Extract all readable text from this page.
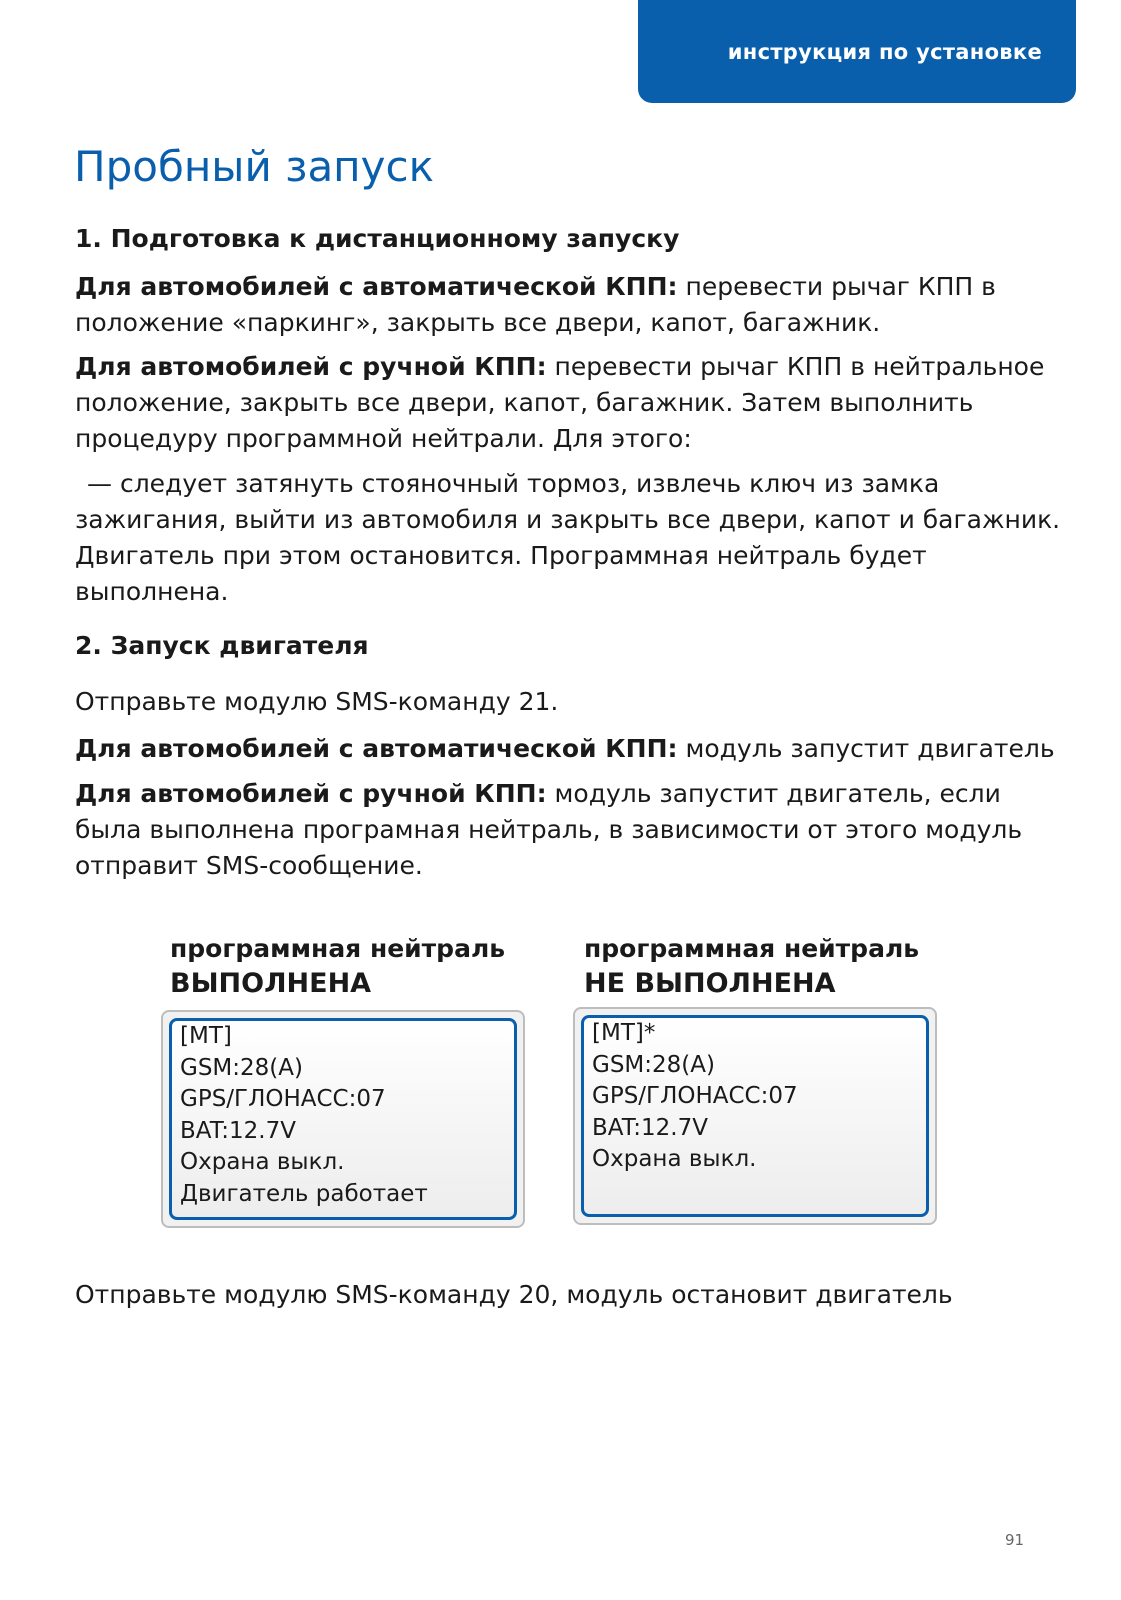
инструкция по установке
Пробный запуск
1. Подготовка к дистанционному запуску

Для автомобилей с автоматической КПП: перевести рычаг КПП в положение «паркинг», закрыть все двери, капот, багажник.

Для автомобилей с ручной КПП: перевести рычаг КПП в нейтральное положение, закрыть все двери, капот, багажник. Затем выполнить процедуру программной нейтрали. Для этого:

— следует затянуть стояночный тормоз, извлечь ключ из замка зажигания, выйти из автомобиля и закрыть все двери, капот и багажник. Двигатель при этом остановится. Программная нейтраль будет выполнена.

2. Запуск двигателя

Отправьте модулю SMS-команду 21.

Для автомобилей с автоматической КПП: модуль запустит двигатель

Для автомобилей с ручной КПП: модуль запустит двигатель, если была выполнена програмная нейтраль, в зависимости от этого модуль отправит SMS-сообщение.

программная нейтраль
ВЫПОЛНЕНА
[MT]
GSM:28(A)
GPS/ГЛОНАСС:07
BAT:12.7V
Охрана выкл.
Двигатель работает
программная нейтраль
НЕ ВЫПОЛНЕНА
[MT]*
GSM:28(A)
GPS/ГЛОНАСС:07
BAT:12.7V
Охрана выкл.

Отправьте модулю SMS-команду 20, модуль остановит двигатель

91
